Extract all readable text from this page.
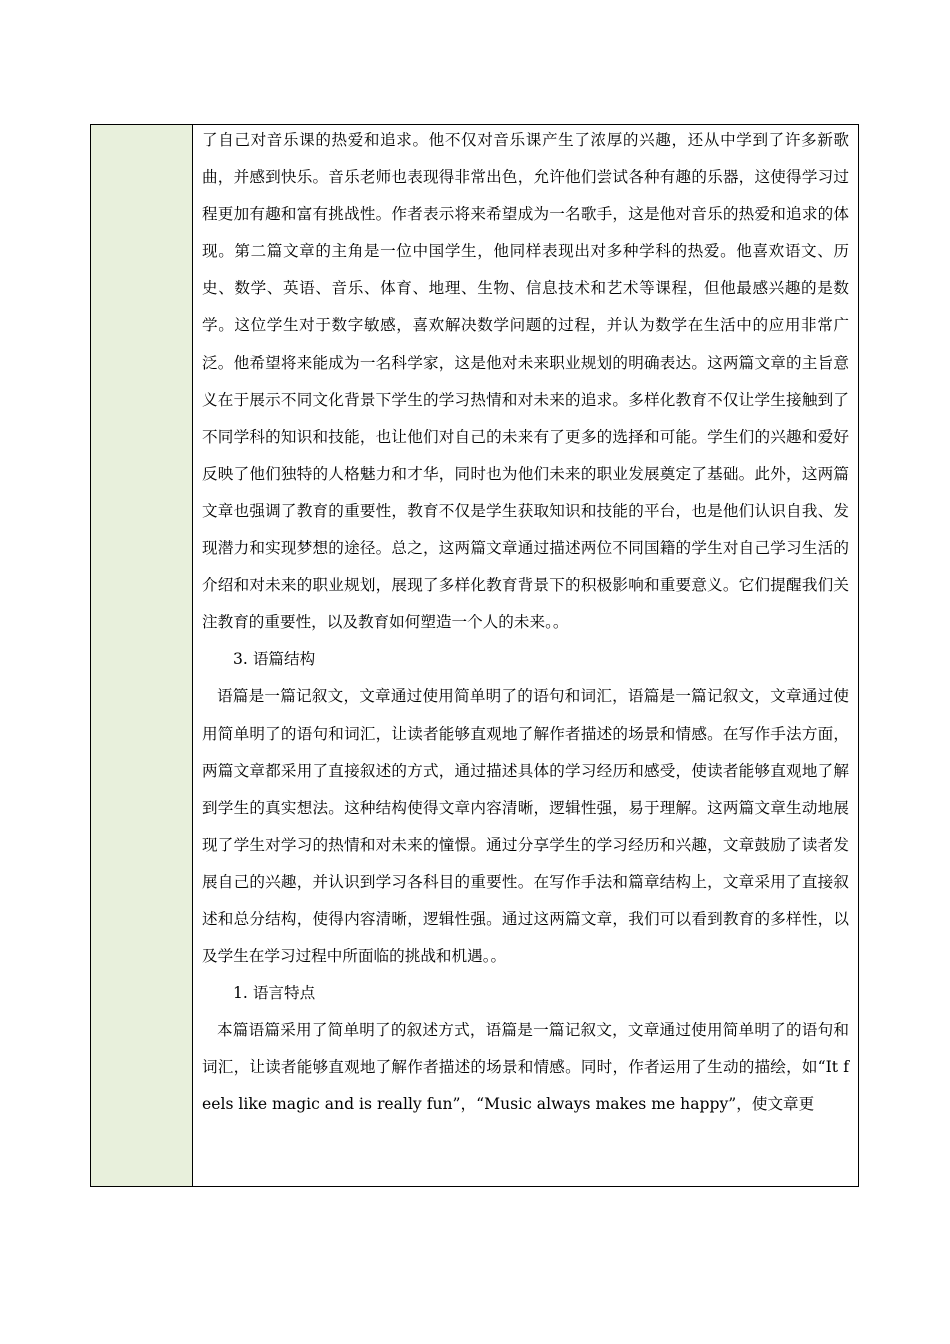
了自己对音乐课的热爱和追求。他不仅对音乐课产生了浓厚的兴趣，还从中学到了许多新歌曲，并感到快乐。音乐老师也表现得非常出色，允许他们尝试各种有趣的乐器，这使得学习过程更加有趣和富有挑战性。作者表示将来希望成为一名歌手，这是他对音乐的热爱和追求的体现。第二篇文章的主角是一位中国学生，他同样表现出对多种学科的热爱。他喜欢语文、历史、数学、英语、音乐、体育、地理、生物、信息技术和艺术等课程，但他最感兴趣的是数学。这位学生对于数字敏感，喜欢解决数学问题的过程，并认为数学在生活中的应用非常广泛。他希望将来能成为一名科学家，这是他对未来职业规划的明确表达。这两篇文章的主旨意义在于展示不同文化背景下学生的学习热情和对未来的追求。多样化教育不仅让学生接触到了不同学科的知识和技能，也让他们对自己的未来有了更多的选择和可能。学生们的兴趣和爱好反映了他们独特的人格魅力和才华，同时也为他们未来的职业发展奠定了基础。此外，这两篇文章也强调了教育的重要性，教育不仅是学生获取知识和技能的平台，也是他们认识自我、发现潜力和实现梦想的途径。总之，这两篇文章通过描述两位不同国籍的学生对自己学习生活的介绍和对未来的职业规划，展现了多样化教育背景下的积极影响和重要意义。它们提醒我们关注教育的重要性，以及教育如何塑造一个人的未来。。

3. 语篇结构

语篇是一篇记叙文，文章通过使用简单明了的语句和词汇，语篇是一篇记叙文，文章通过使用简单明了的语句和词汇，让读者能够直观地了解作者描述的场景和情感。在写作手法方面，两篇文章都采用了直接叙述的方式，通过描述具体的学习经历和感受，使读者能够直观地了解到学生的真实想法。这种结构使得文章内容清晰，逻辑性强，易于理解。这两篇文章生动地展现了学生对学习的热情和对未来的憧憬。通过分享学生的学习经历和兴趣，文章鼓励了读者发展自己的兴趣，并认识到学习各科目的重要性。在写作手法和篇章结构上，文章采用了直接叙述和总分结构，使得内容清晰，逻辑性强。通过这两篇文章，我们可以看到教育的多样性，以及学生在学习过程中所面临的挑战和机遇。。

1. 语言特点

本篇语篇采用了简单明了的叙述方式，语篇是一篇记叙文，文章通过使用简单明了的语句和词汇，让读者能够直观地了解作者描述的场景和情感。同时，作者运用了生动的描绘，如“It feels like magic and is really fun”，“Music always makes me happy”，使文章更
